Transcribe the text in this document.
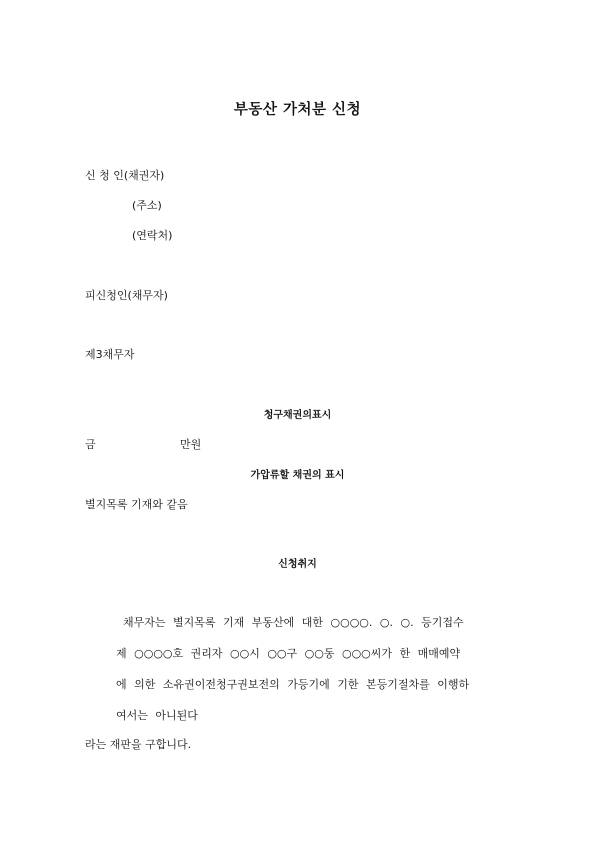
부동산 가처분 신청
신 청 인(채권자)
(주소)
(연락처)
피신청인(채무자)
제3채무자
청구채권의표시
금	만원
가압류할 채권의 표시
별지목록 기재와 같음
신청취지
채무자는 별지목록 기재 부동산에 대한 ○○○○. ○. ○. 등기접수
제 ○○○○호 권리자 ○○시 ○○구 ○○동 ○○○씨가 한 매매예약
에 의한 소유권이전청구권보전의 가등기에 기한 본등기절차를 이행하
여서는 아니된다
라는 재판을 구합니다.
